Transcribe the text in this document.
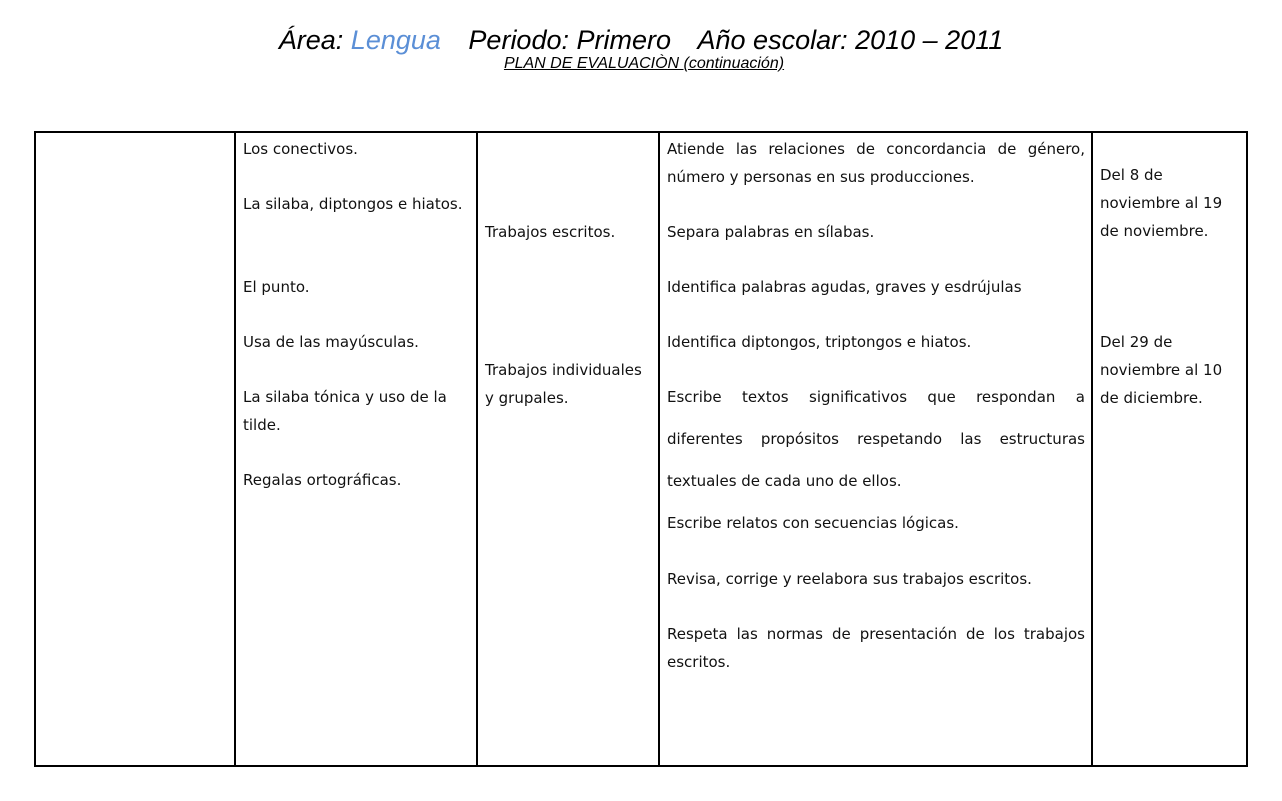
Área: Lengua Periodo: Primero Año escolar: 2010 – 2011
PLAN DE EVALUACIÒN (continuación)

Los conectivos.
La silaba, diptongos e hiatos.
El punto.
Usa de las mayúsculas.
La silaba tónica y uso de la tilde.
Regalas ortográficas.

Trabajos escritos.
Trabajos individuales y grupales.

Atiende las relaciones de concordancia de género, número y personas en sus producciones.
Separa palabras en sílabas.
Identifica palabras agudas, graves y esdrújulas
Identifica diptongos, triptongos e hiatos.
Escribe textos significativos que respondan a diferentes propósitos respetando las estructuras textuales de cada uno de ellos.
Escribe relatos con secuencias lógicas.
Revisa, corrige y reelabora sus trabajos escritos.
Respeta las normas de presentación de los trabajos escritos.

Del 8 de noviembre al 19 de noviembre.
Del 29 de noviembre al 10 de diciembre.
